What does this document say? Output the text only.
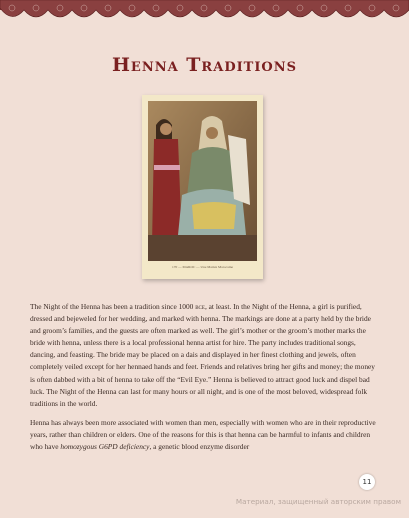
Henna Traditions
170 — MAROC — Une Mariée Marocaine

The Night of the Henna has been a tradition since 1000 bce, at least. In the Night of the Henna, a girl is purified, dressed and bejeweled for her wedding, and marked with henna. The markings are done at a party held by the bride and groom’s families, and the guests are often marked as well. The girl’s mother or the groom’s mother marks the bride with henna, unless there is a local professional henna artist for hire. The party includes traditional songs, dancing, and feasting. The bride may be placed on a dais and displayed in her finest clothing and jewels, often completely veiled except for her hennaed hands and feet. Friends and relatives bring her gifts and money; the money is often dabbed with a bit of henna to take off the “Evil Eye.” Henna is believed to attract good luck and dispel bad luck. The Night of the Henna can last for many hours or all night, and is one of the most beloved, widespread folk traditions in the world.

Henna has always been more associated with women than men, especially with women who are in their reproductive years, rather than children or elders. One of the reasons for this is that henna can be harmful to infants and children who have homozygous G6PD deficiency, a genetic blood enzyme disorder

11
Материал, защищенный авторским правом
